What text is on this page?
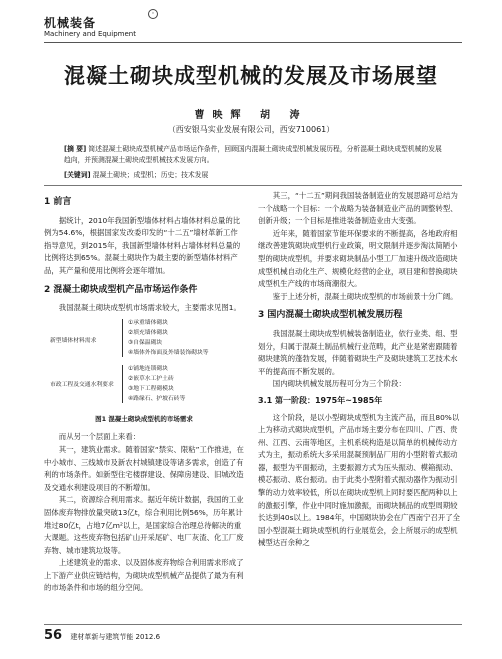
机械装备
Machinery and Equipment
◦
混凝土砌块成型机械的发展及市场展望
曹映辉 胡 涛
（西安银马实业发展有限公司，西安710061）
[摘 要] 简述混凝土砌块成型机械产品市场运作条件，回顾国内混凝土砌块成型机械发展历程，分析混凝土砌块成型机械的发展趋向，并预测混凝土砌块成型机械技术发展方向。
[关键词] 混凝土砌块；成型机；历史；技术发展
1 前言

据统计，2010年我国新型墙体材料占墙体材料总量的比例为54.6%，根据国家发改委印发的“十二五”墙材革新工作指导意见，到2015年，我国新型墙体材料占墙体材料总量的比例将达到65%。混凝土砌块作为最主要的新型墙体材料产品，其产量和使用比例将会逐年增加。

2 混凝土砌块成型机产品市场运作条件

我国混凝土砌块成型机市场需求较大，主要需求见图1。

新型墙体材料需求
市政工程及交通水利要求
①承重墙体砌块
②填充墙体砌块
③自保温砌块
④墙体外饰面及外墙装饰砌块等
①铺地连锁砌块
②嵌草水工护土砖
③地下工程砌模块
④路缘石、护坡石砖等
图1 混凝土砌块成型机的市场需求

而从另一个层面上来看：

其一，建筑业需求。随着国家“禁实、限粘”工作推进，在中小城市、三线城市及新农村城镇建设等诸多需求，创造了有利的市场条件。如新型住宅楼群建设、保障房建设、旧城改造及交通水利建设项目的不断增加。

其二，资源综合利用需求。据近年统计数据，我国的工业固体废弃物排放量突破13亿t，综合利用比例56%，历年累计堆过80亿t，占地7亿m²以上，是国家综合治理总待解决的重大课题。这些废弃物包括矿山开采尾矿、电厂灰渣、化工厂废弃物、城市建筑垃圾等。

上述建筑业的需求、以及固体废弃物综合利用需求形成了上下游产业供应链结构，为砌块成型机械产品提供了最为有利的市场条件和市场的组分空间。

其三，“十二五”期间我国装备制造业的发展思路可总结为一个战略一个目标：一个战略为装备制造业产品的调整转型、创新升级；一个目标是推进装备制造业由大变强。

近年来，随着国家节能环保要求的不断提高，各地政府相继改善建筑砌块成型机行业政策，明文限制并逐步淘汰简陋小型的砌块成型机，并要求砌块制品小型工厂加速升级改造砌块成型机械自动化生产、规模化经营的企业，项目建和替换砌块成型机生产线的市场商潮很大。

鉴于上述分析，混凝土砌块成型机的市场前景十分广阔。

3 国内混凝土砌块成型机械发展历程

我国混凝土砌块成型机械装备制造业，依行业类、组、型划分，归属于混凝土制品机械行业范畴，此产业是紧密跟随着砌块建筑的蓬勃发展，伴随着砌块生产及砌块建筑工艺技术水平的提高而不断发展的。

国内砌块机械发展历程可分为三个阶段：

3.1 第一阶段：1975年~1985年

这个阶段，是以小型砌块成型机为主流产品，而且80%以上为移动式砌块成型机，产品市场主要分布在四川、广西、贵州、江西、云南等地区，主机系统构造是以简单的机械传动方式为主，振动系统大多采用混凝预制品厂用的小型附着式振动器，振型为平面振动，主要振源方式为压头振动、模箱振动、模芯振动、底台振动。由于此类小型附着式振动器作为振动引擎的动力效率较低，所以在砌块成型机上同时要匹配两种以上的激振引擎，作业中同时施加激振，而砌块制品的成型周期较长达到40s以上。1984年，中国砌块协会在广西南宁召开了全国小型混凝土砌块成型机的行业展览会，会上所展示的成型机械型达百余种之

56 建材革新与建筑节能 2012.6
